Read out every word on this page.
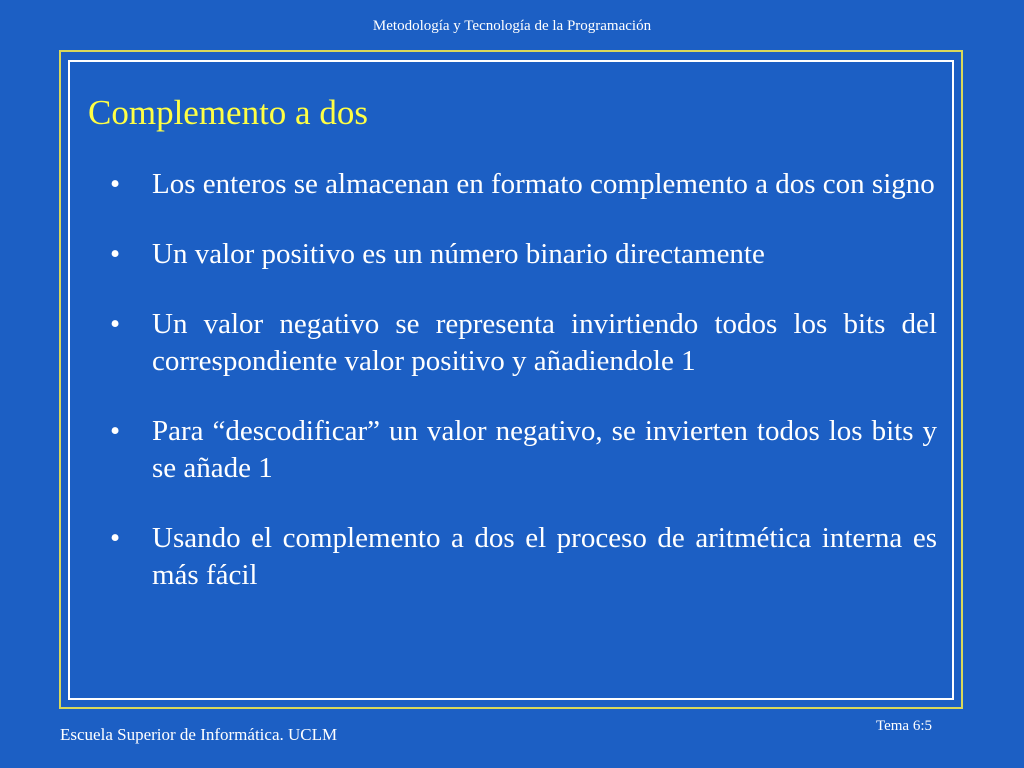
Metodología y Tecnología de la Programación
Complemento a dos
• Los enteros se almacenan en formato complemento a dos con signo
• Un valor positivo es un número binario directamente
• Un valor negativo se representa invirtiendo todos los bits del correspondiente valor positivo y añadiendole 1
• Para “descodificar” un valor negativo, se invierten todos los bits y se añade 1
• Usando el complemento a dos el proceso de aritmética interna es más fácil
Escuela Superior de Informática. UCLM	Tema 6:5
